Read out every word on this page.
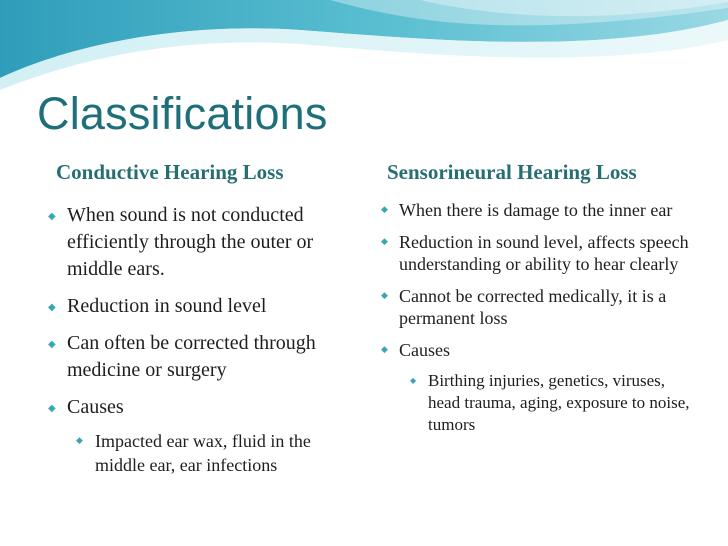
Classifications
Conductive Hearing Loss	Sensorineural Hearing Loss
◆ When sound is not conducted efficiently through the outer or middle ears.
◆ Reduction in sound level
◆ Can often be corrected through medicine or surgery
◆ Causes
◆ Impacted ear wax, fluid in the middle ear, ear infections
◆ When there is damage to the inner ear
◆ Reduction in sound level, affects speech understanding or ability to hear clearly
◆ Cannot be corrected medically, it is a permanent loss
◆ Causes
◆ Birthing injuries, genetics, viruses, head trauma, aging, exposure to noise, tumors
